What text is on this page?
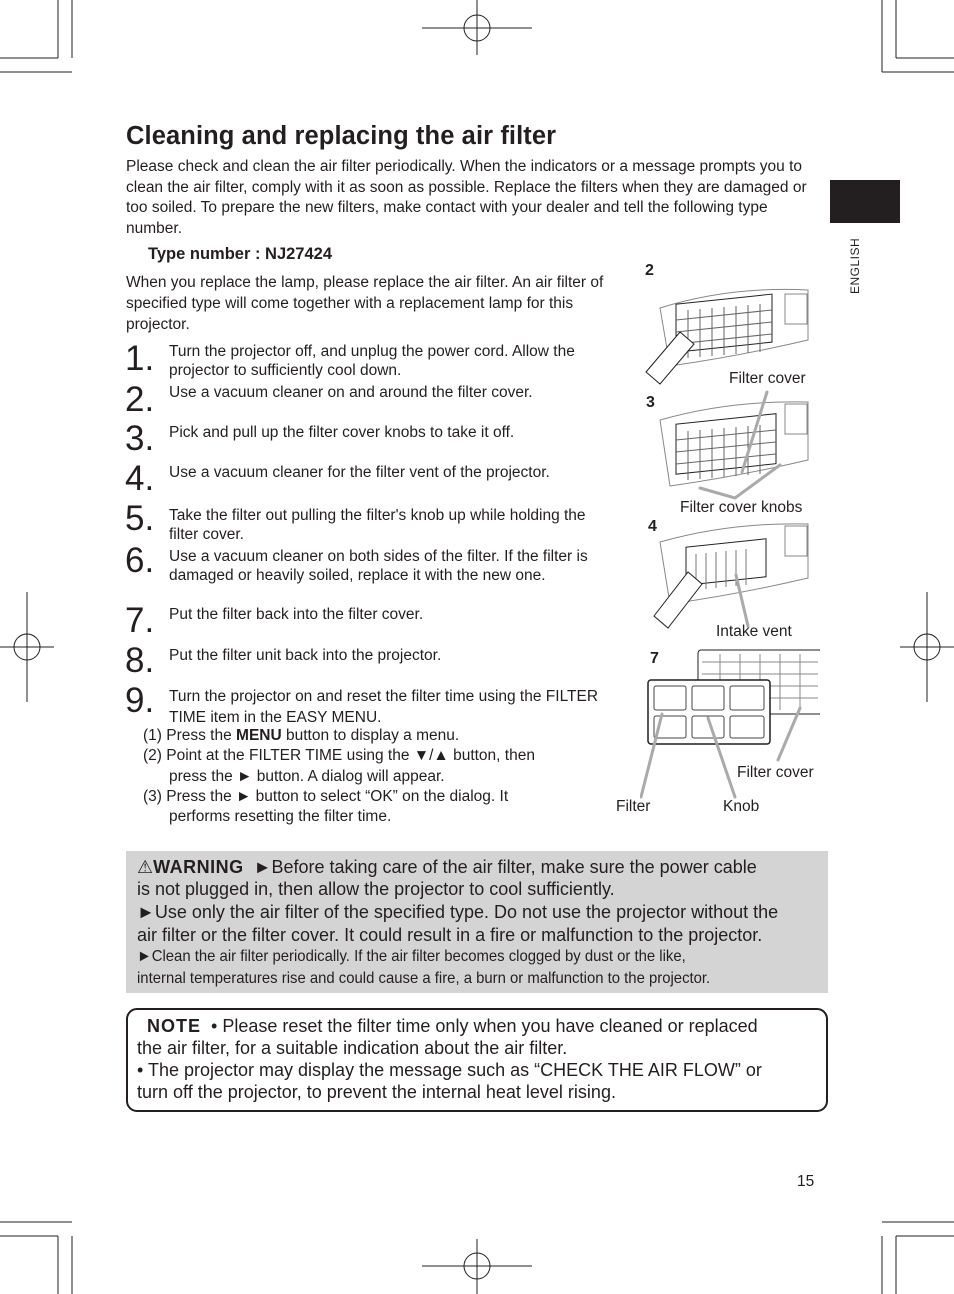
Cleaning and replacing the air filter

Please check and clean the air filter periodically. When the indicators or a message prompts you to clean the air filter, comply with it as soon as possible. Replace the filters when they are damaged or too soiled. To prepare the new filters, make contact with your dealer and tell the following type number.

Type number : NJ27424

When you replace the lamp, please replace the air filter. An air filter of specified type will come together with a replacement lamp for this projector.

ENGLISH
1. Turn the projector off, and unplug the power cord. Allow the projector to sufficiently cool down.
2. Use a vacuum cleaner on and around the filter cover.
3. Pick and pull up the filter cover knobs to take it off.
4. Use a vacuum cleaner for the filter vent of the projector.
5. Take the filter out pulling the filter's knob up while holding the filter cover.
6. Use a vacuum cleaner on both sides of the filter. If the filter is damaged or heavily soiled, replace it with the new one.
7. Put the filter back into the filter cover.
8. Put the filter unit back into the projector.
9. Turn the projector on and reset the filter time using the FILTER TIME item in the EASY MENU.
(1) Press the MENU button to display a menu.
(2) Point at the FILTER TIME using the ▼/▲ button, then
press the ► button. A dialog will appear.
(3) Press the ► button to select “OK” on the dialog. It
performs resetting the filter time.
2
3
4
7
Filter cover
Filter cover knobs
Intake vent
Filter cover
Filter	Knob
⚠WARNING ►Before taking care of the air filter, make sure the power cable
is not plugged in, then allow the projector to cool sufficiently.
►Use only the air filter of the specified type. Do not use the projector without the
air filter or the filter cover. It could result in a fire or malfunction to the projector.
►Clean the air filter periodically. If the air filter becomes clogged by dust or the like,
internal temperatures rise and could cause a fire, a burn or malfunction to the projector.
NOTE • Please reset the filter time only when you have cleaned or replaced
the air filter, for a suitable indication about the air filter.
• The projector may display the message such as “CHECK THE AIR FLOW” or
turn off the projector, to prevent the internal heat level rising.
15
